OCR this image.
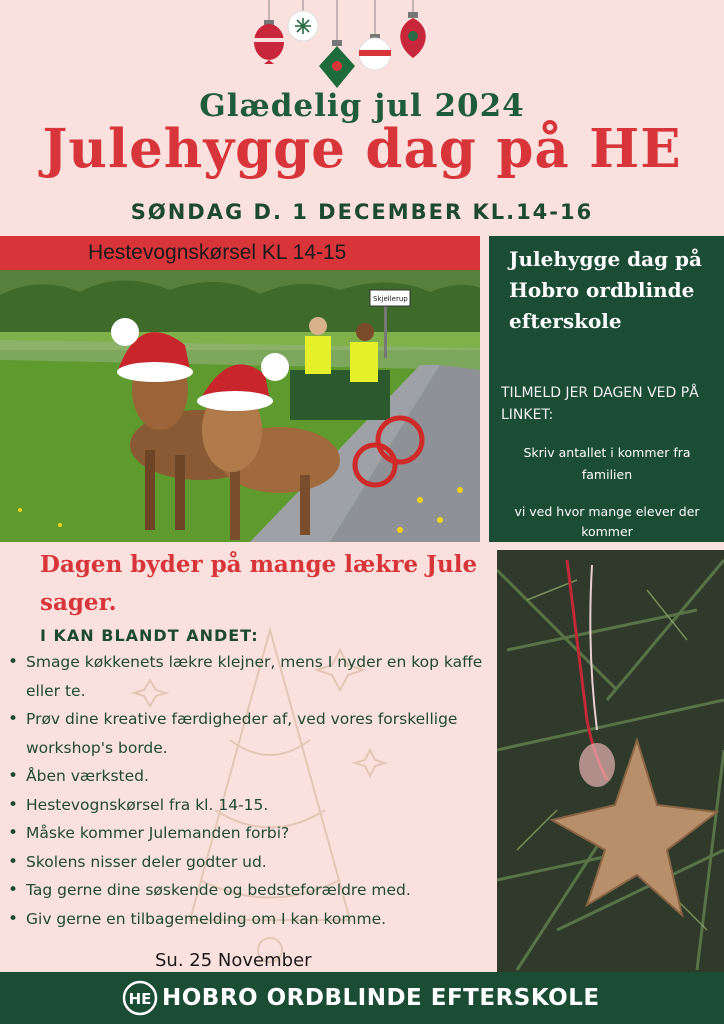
Glædelig jul 2024
Julehygge dag på HE
SØNDAG D. 1 DECEMBER KL.14-16
Hestevognskørsel KL 14-15
Skjellerup
Julehygge dag på Hobro ordblinde efterskole
TILMELD JER DAGEN VED PÅ LINKET:
Skriv antallet i kommer fra familien
vi ved hvor mange elever der kommer
Dagen byder på mange lækre Jule sager.
I KAN BLANDT ANDET:
• Smage køkkenets lækre klejner, mens I nyder en kop kaffe eller te.
• Prøv dine kreative færdigheder af, ved vores forskellige workshop's borde.
• Åben værksted.
• Hestevognskørsel fra kl. 14-15.
• Måske kommer Julemanden forbi?
• Skolens nisser deler godter ud.
• Tag gerne dine søskende og bedsteforældre med.
• Giv gerne en tilbagemelding om I kan komme.
Su. 25 November
HE HOBRO ORDBLINDE EFTERSKOLE
